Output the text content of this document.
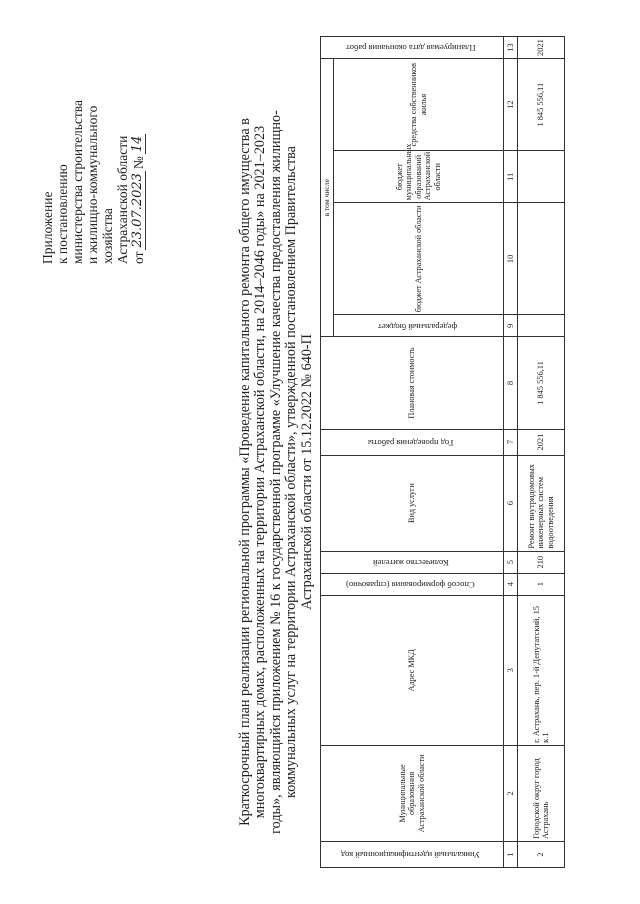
Приложение к постановлению министерства строительства и жилищно-коммунального хозяйства Астраханской области от
23.07.2023
№
14	Краткосрочный план реализации региональной программы «Проведение капитального ремонта общего имущества в многоквартирных домах, расположенных на территории Астраханской области, на 2014–2046 годы» на 2021–2023 годы», являющийся приложением № 16 к государственной программе «Улучшение качества предоставления жилищно- коммунальных услуг на территории Астраханской области», утвержденной постановлением Правительства Астраханской области от 15.12.2022 № 640-П
Уникальный идентификационный код	Муниципальные образования Астраханской области	Адрес МКД	Способ формирования (справочно)	Количество жителей	Вид услуги	Год проведения работы	Плановая стоимость	в том числе				Планируемая дата окончания работ
								федеральный бюджет	бюджет Астраханской области	бюджет муниципальных образований Астраханской области	средства собственников жилья	
1	2	3	4	5	6	7	8	9	10	11	12	13
2	Городской округ город Астрахань	г. Астрахань, пер. 1-й Депутатский, 15 к.1	1	210	Ремонт внутридомовых инженерных систем водоотведения	2021	1 845 556,11				1 845 556,11	2021
